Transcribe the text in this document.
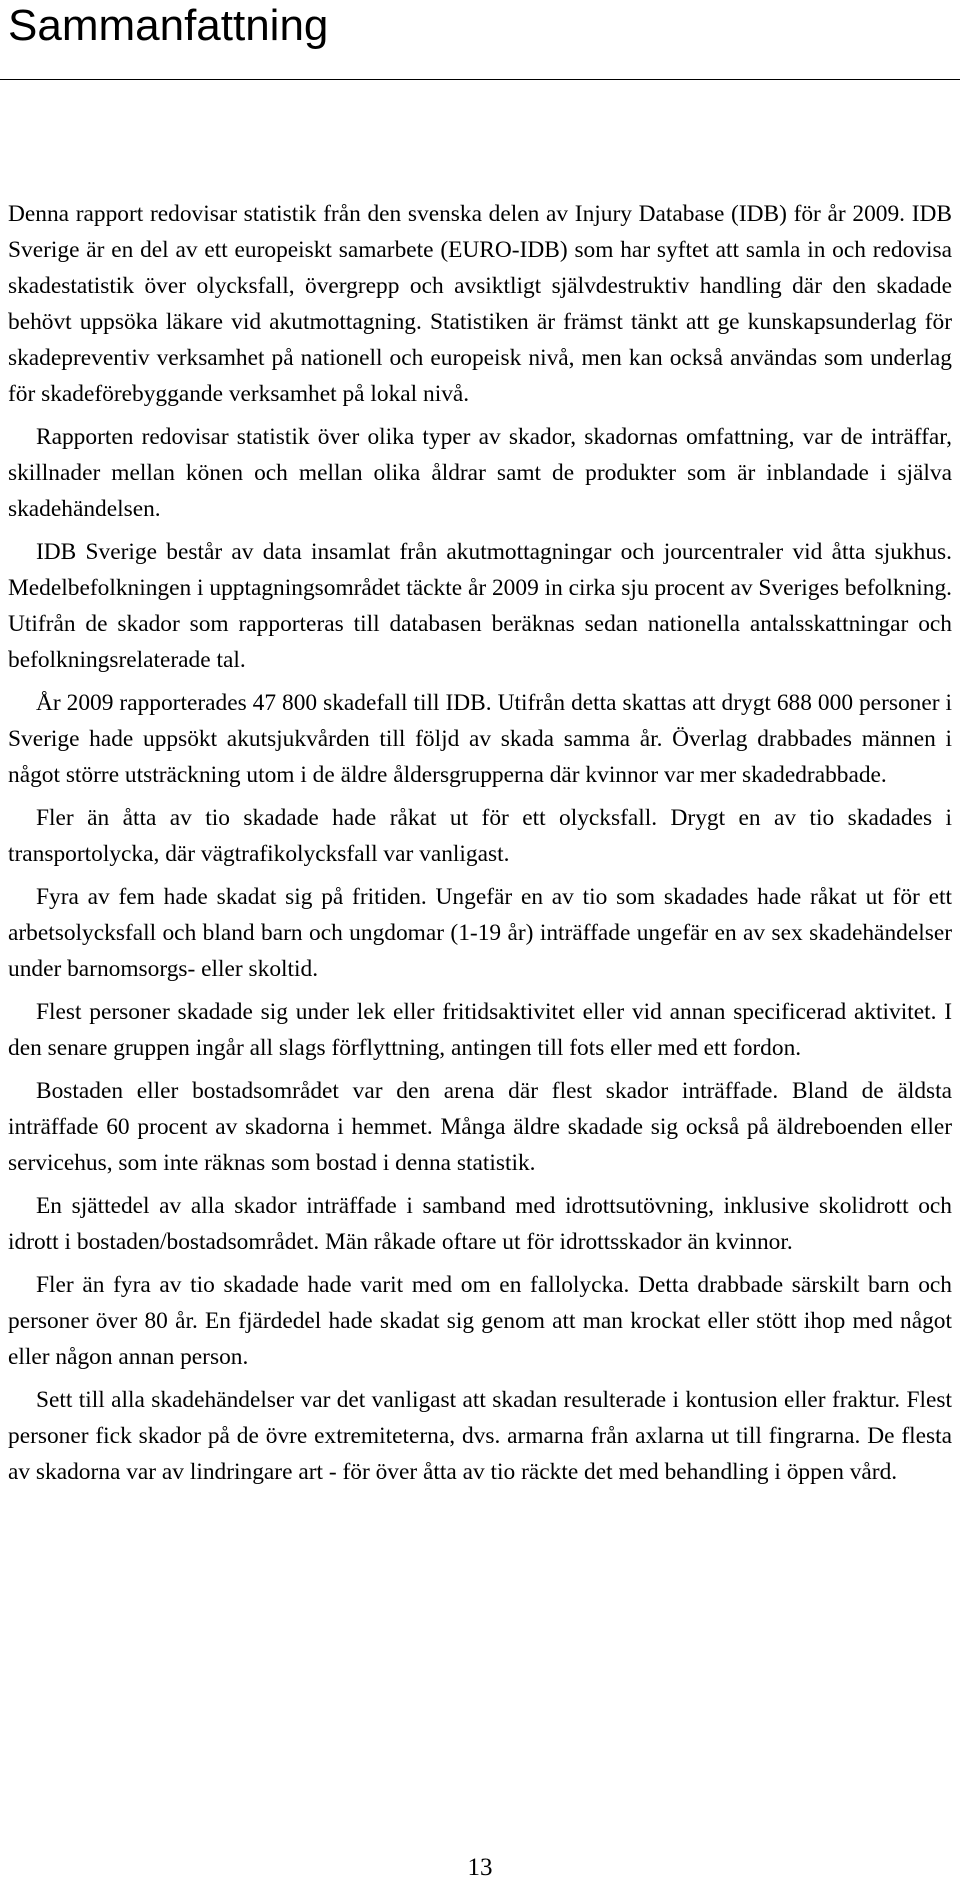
Sammanfattning

Denna rapport redovisar statistik från den svenska delen av Injury Database (IDB) för år 2009. IDB Sverige är en del av ett europeiskt samarbete (EURO-IDB) som har syftet att samla in och redovisa skadestatistik över olycksfall, övergrepp och avsiktligt självdestruktiv handling där den skadade behövt uppsöka läkare vid akutmottagning. Statistiken är främst tänkt att ge kunskapsunderlag för skadepreventiv verksamhet på nationell och europeisk nivå, men kan också användas som underlag för skadeförebyggande verksamhet på lokal nivå.

Rapporten redovisar statistik över olika typer av skador, skadornas omfattning, var de inträffar, skillnader mellan könen och mellan olika åldrar samt de produkter som är inblandade i själva skadehändelsen.

IDB Sverige består av data insamlat från akutmottagningar och jourcentraler vid åtta sjukhus. Medelbefolkningen i upptagningsområdet täckte år 2009 in cirka sju procent av Sveriges befolkning. Utifrån de skador som rapporteras till databasen beräknas sedan nationella antalsskattningar och befolkningsrelaterade tal.

År 2009 rapporterades 47 800 skadefall till IDB. Utifrån detta skattas att drygt 688 000 personer i Sverige hade uppsökt akutsjukvården till följd av skada samma år. Överlag drabbades männen i något större utsträckning utom i de äldre åldersgrupperna där kvinnor var mer skadedrabbade.

Fler än åtta av tio skadade hade råkat ut för ett olycksfall. Drygt en av tio skadades i transportolycka, där vägtrafikolycksfall var vanligast.

Fyra av fem hade skadat sig på fritiden. Ungefär en av tio som skadades hade råkat ut för ett arbetsolycksfall och bland barn och ungdomar (1-19 år) inträffade ungefär en av sex skadehändelser under barnomsorgs- eller skoltid.

Flest personer skadade sig under lek eller fritidsaktivitet eller vid annan specificerad aktivitet. I den senare gruppen ingår all slags förflyttning, antingen till fots eller med ett fordon.

Bostaden eller bostadsområdet var den arena där flest skador inträffade. Bland de äldsta inträffade 60 procent av skadorna i hemmet. Många äldre skadade sig också på äldreboenden eller servicehus, som inte räknas som bostad i denna statistik.

En sjättedel av alla skador inträffade i samband med idrottsutövning, inklusive skolidrott och idrott i bostaden/bostadsområdet. Män råkade oftare ut för idrottsskador än kvinnor.

Fler än fyra av tio skadade hade varit med om en fallolycka. Detta drabbade särskilt barn och personer över 80 år. En fjärdedel hade skadat sig genom att man krockat eller stött ihop med något eller någon annan person.

Sett till alla skadehändelser var det vanligast att skadan resulterade i kontusion eller fraktur. Flest personer fick skador på de övre extremiteterna, dvs. armarna från axlarna ut till fingrarna. De flesta av skadorna var av lindringare art - för över åtta av tio räckte det med behandling i öppen vård.

13
